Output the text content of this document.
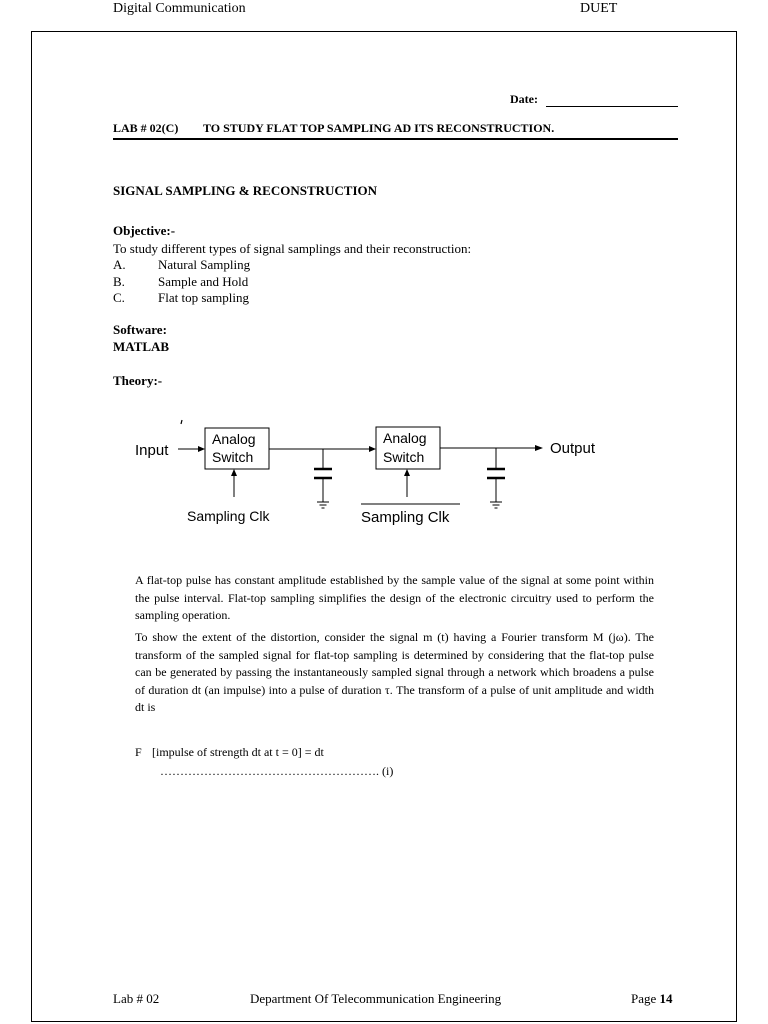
Digital Communication	DUET
Date:
LAB # 02(C) TO STUDY FLAT TOP SAMPLING AD ITS RECONSTRUCTION.
SIGNAL SAMPLING & RECONSTRUCTION
Objective:-
To study different types of signal samplings and their reconstruction:
A. Natural Sampling
B.	Sample and Hold
C.	Flat top sampling
Software:
MATLAB
Theory:-
Input
Analog
Switch
Analog
Switch	Output
Sampling Clk	Sampling Clk

A flat-top pulse has constant amplitude established by the sample value of the signal at some point within the pulse interval. Flat-top sampling simplifies the design of the electronic circuitry used to perform the sampling operation.

To show the extent of the distortion, consider the signal m (t) having a Fourier transform M (jω). The transform of the sampled signal for flat-top sampling is determined by considering that the flat-top pulse can be generated by passing the instantaneously sampled signal through a network which broadens a pulse of duration dt (an impulse) into a pulse of duration τ. The transform of a pulse of unit amplitude and width dt is

F [impulse of strength dt at t = 0] = dt
………………………………………………. (i)
Lab # 02	Department Of Telecommunication Engineering	Page 14
